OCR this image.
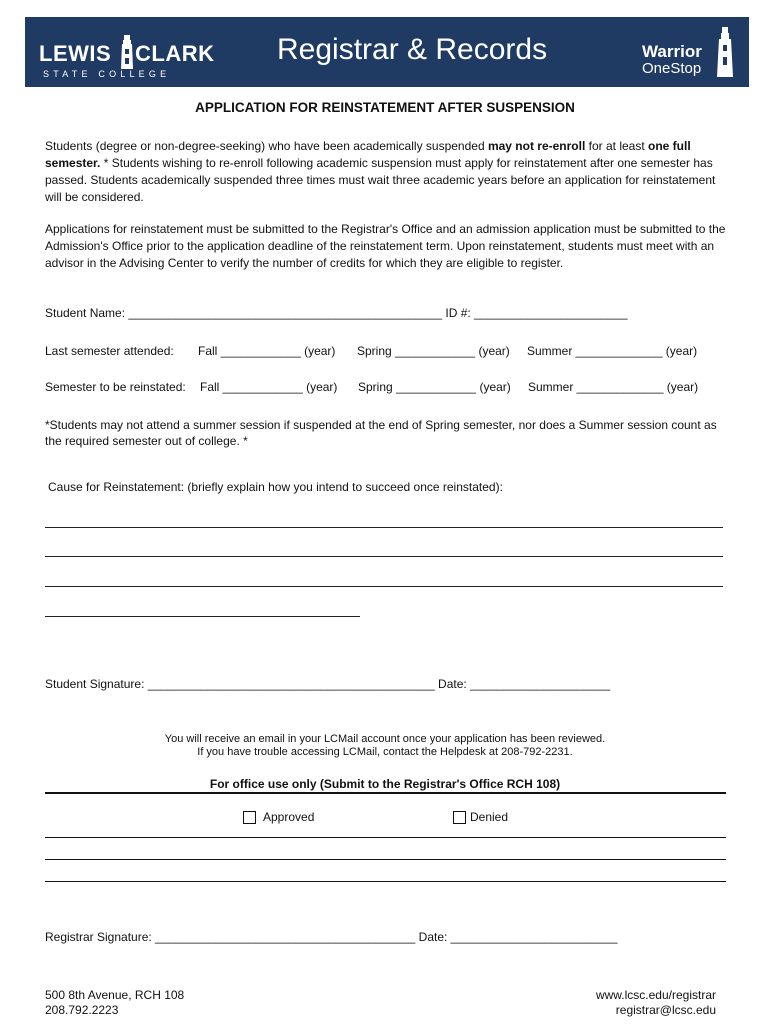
LEWIS CLARK
STATE COLLEGE
Registrar & Records	Warrior
OneStop
APPLICATION FOR REINSTATEMENT AFTER SUSPENSION
Students (degree or non-degree-seeking) who have been academically suspended may not re-enroll for at least one full semester. * Students wishing to re-enroll following academic suspension must apply for reinstatement after one semester has passed. Students academically suspended three times must wait three academic years before an application for reinstatement will be considered.
Applications for reinstatement must be submitted to the Registrar's Office and an admission application must be submitted to the Admission's Office prior to the application deadline of the reinstatement term. Upon reinstatement, students must meet with an advisor in the Advising Center to verify the number of credits for which they are eligible to register.
Student Name: _______________________________________________ ID #: _______________________
Last semester attended: Fall ____________ (year) Spring ____________ (year) Summer _____________ (year)
Semester to be reinstated: Fall ____________ (year) Spring ____________ (year) Summer _____________ (year)
*Students may not attend a summer session if suspended at the end of Spring semester, nor does a Summer session count as the required semester out of college. *
Cause for Reinstatement: (briefly explain how you intend to succeed once reinstated):
Student Signature: ___________________________________________ Date: _____________________
You will receive an email in your LCMail account once your application has been reviewed.
If you have trouble accessing LCMail, contact the Helpdesk at 208-792-2231.
For office use only (Submit to the Registrar's Office RCH 108)
Approved	Denied
Registrar Signature: _______________________________________ Date: _________________________
500 8th Avenue, RCH 108
208.792.2223
www.lcsc.edu/registrar
registrar@lcsc.edu
